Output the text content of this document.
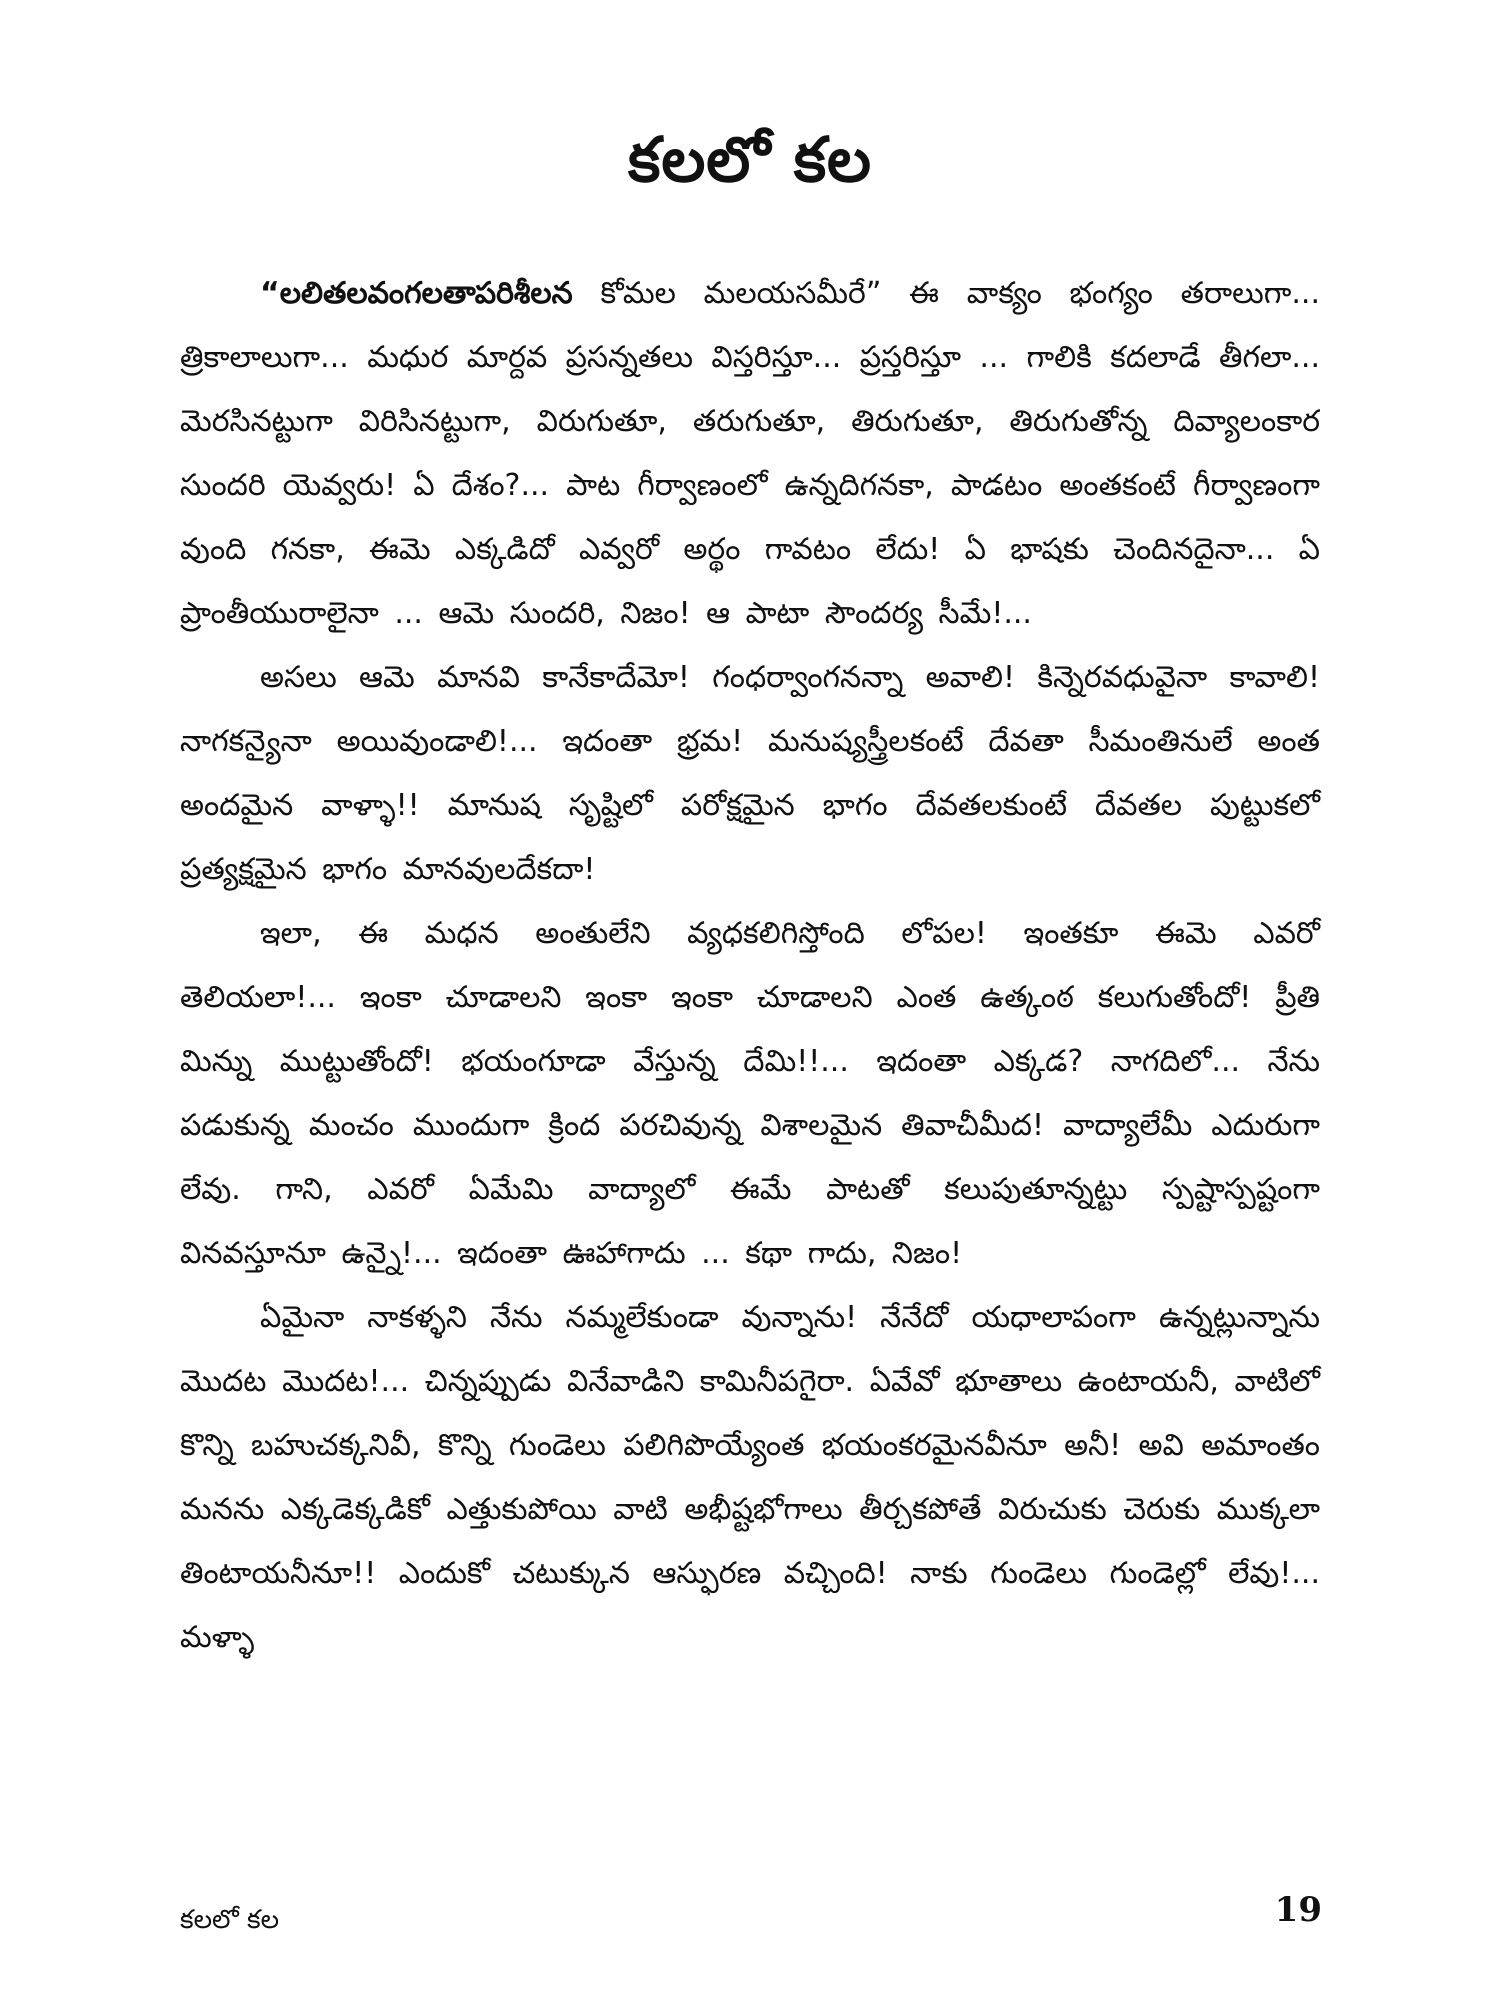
కలలో కల

“లలితలవంగలతాపరిశీలన కోమల మలయసమీరే” ఈ వాక్యం భంగ్యం తరాలుగా... త్రికాలాలుగా... మధుర మార్దవ ప్రసన్నతలు విస్తరిస్తూ... ప్రస్తరిస్తూ ... గాలికి కదలాడే తీగలా... మెరసినట్టుగా విరిసినట్టుగా, విరుగుతూ, తరుగుతూ, తిరుగుతూ, తిరుగుతోన్న దివ్యాలంకార సుందరి యెవ్వరు! ఏ దేశం?... పాట గీర్వాణంలో ఉన్నదిగనకా, పాడటం అంతకంటే గీర్వాణంగా వుంది గనకా, ఈమె ఎక్కడిదో ఎవ్వరో అర్థం గావటం లేదు! ఏ భాషకు చెందినదైనా... ఏ ప్రాంతీయురాలైనా ... ఆమె సుందరి, నిజం! ఆ పాటా సౌందర్య సీమే!...

అసలు ఆమె మానవి కానేకాదేమో! గంధర్వాంగనన్నా అవాలి! కిన్నెరవధువైనా కావాలి! నాగకన్యైనా అయివుండాలి!... ఇదంతా భ్రమ! మనుష్యస్త్రీలకంటే దేవతా సీమంతినులే అంత అందమైన వాళ్ళా!! మానుష సృష్టిలో పరోక్షమైన భాగం దేవతలకుంటే దేవతల పుట్టుకలో ప్రత్యక్షమైన భాగం మానవులదేకదా!

ఇలా, ఈ మధన అంతులేని వ్యధకలిగిస్తోంది లోపల! ఇంతకూ ఈమె ఎవరో తెలియలా!... ఇంకా చూడాలని ఇంకా ఇంకా చూడాలని ఎంత ఉత్కంఠ కలుగుతోందో! ప్రీతి మిన్ను ముట్టుతోందో! భయంగూడా వేస్తున్న దేమి!!... ఇదంతా ఎక్కడ? నాగదిలో... నేను పడుకున్న మంచం ముందుగా క్రింద పరచివున్న విశాలమైన తివాచీమీద! వాద్యాలేమీ ఎదురుగా లేవు. గాని, ఎవరో ఏమేమి వాద్యాలో ఈమే పాటతో కలుపుతూన్నట్టు స్పష్టాస్పష్టంగా వినవస్తూనూ ఉన్నై!... ఇదంతా ఊహాగాదు ... కథా గాదు, నిజం!

ఏమైనా నాకళ్ళని నేను నమ్మలేకుండా వున్నాను! నేనేదో యధాలాపంగా ఉన్నట్లున్నాను మొదట మొదట!... చిన్నప్పుడు వినేవాడిని కామినీపగైరా. ఏవేవో భూతాలు ఉంటాయనీ, వాటిలో కొన్ని బహుచక్కనివీ, కొన్ని గుండెలు పలిగిపొయ్యేంత భయంకరమైనవీనూ అనీ! అవి అమాంతం మనను ఎక్కడెక్కడికో ఎత్తుకుపోయి వాటి అభీష్టభోగాలు తీర్చకపోతే విరుచుకు చెరుకు ముక్కలా తింటాయనీనూ!! ఎందుకో చటుక్కున ఆస్ఫురణ వచ్చింది! నాకు గుండెలు గుండెల్లో లేవు!... మళ్ళా

కలలో కల	19
